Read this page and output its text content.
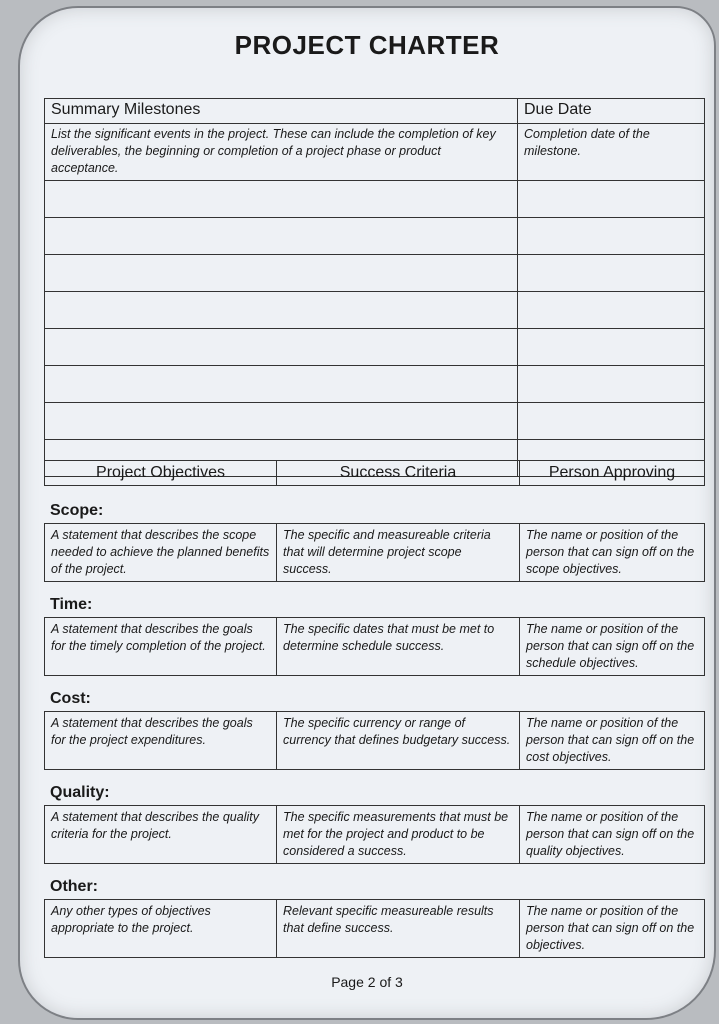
PROJECT CHARTER
Summary Milestones	Due Date
List the significant events in the project. These can include the completion of key deliverables, the beginning or completion of a project phase or product acceptance.	Completion date of the milestone.

Project Objectives	Success Criteria	Person Approving
Scope:
A statement that describes the scope needed to achieve the planned benefits of the project.	The specific and measureable criteria that will determine project scope success.	The name or position of the person that can sign off on the scope objectives.
Time:
A statement that describes the goals for the timely completion of the project.	The specific dates that must be met to determine schedule success.	The name or position of the person that can sign off on the schedule objectives.
Cost:
A statement that describes the goals for the project expenditures.	The specific currency or range of currency that defines budgetary success.	The name or position of the person that can sign off on the cost objectives.
Quality:
A statement that describes the quality criteria for the project.	The specific measurements that must be met for the project and product to be considered a success.	The name or position of the person that can sign off on the quality objectives.
Other:
Any other types of objectives appropriate to the project.	Relevant specific measureable results that define success.	The name or position of the person that can sign off on the objectives.
Page 2 of 3
